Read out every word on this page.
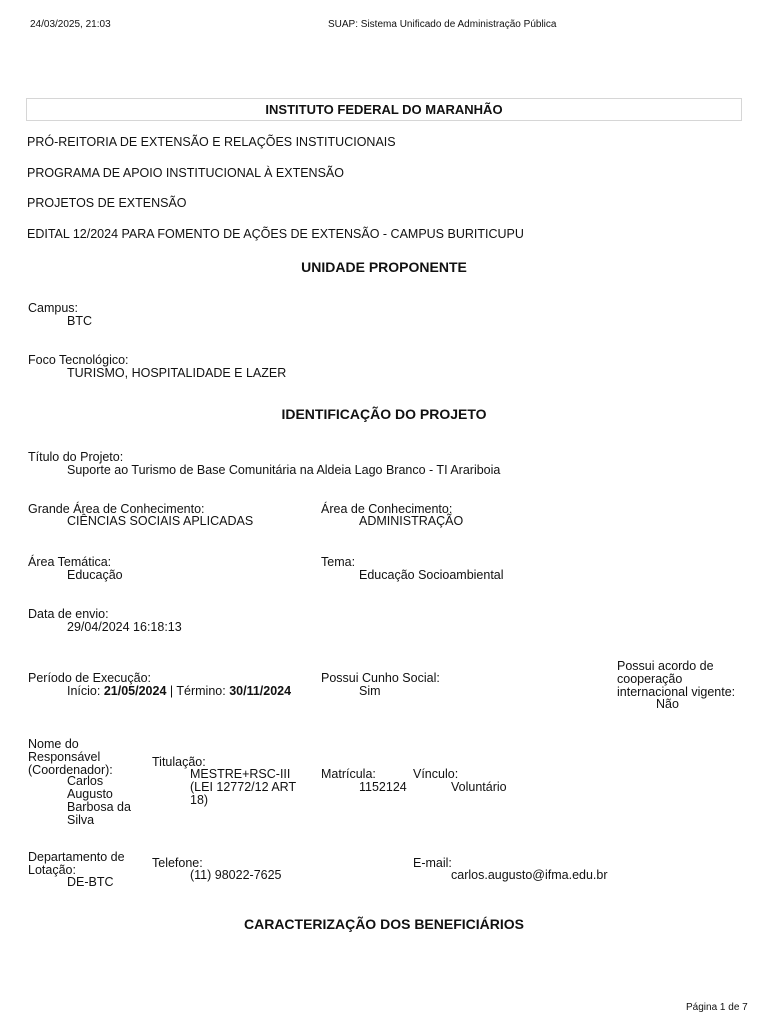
24/03/2025, 21:03	SUAP: Sistema Unificado de Administração Pública
INSTITUTO FEDERAL DO MARANHÃO
PRÓ-REITORIA DE EXTENSÃO E RELAÇÕES INSTITUCIONAIS
PROGRAMA DE APOIO INSTITUCIONAL À EXTENSÃO
PROJETOS DE EXTENSÃO
EDITAL 12/2024 PARA FOMENTO DE AÇÕES DE EXTENSÃO - CAMPUS BURITICUPU
UNIDADE PROPONENTE
Campus:
BTC
Foco Tecnológico:
TURISMO, HOSPITALIDADE E LAZER
IDENTIFICAÇÃO DO PROJETO
Título do Projeto:
Suporte ao Turismo de Base Comunitária na Aldeia Lago Branco - TI Arariboia
Grande Área de Conhecimento:
CIÊNCIAS SOCIAIS APLICADAS
Área de Conhecimento:
ADMINISTRAÇÃO
Área Temática:
Educação
Tema:
Educação Socioambiental
Data de envio:
29/04/2024 16:18:13
Período de Execução:
Início: 21/05/2024 | Término: 30/11/2024
Possui Cunho Social:
Sim
Possui acordo de
cooperação
internacional vigente:
Não
Nome do
Responsável
(Coordenador):
Carlos
Augusto
Barbosa da
Silva
Titulação:
MESTRE+RSC-III
(LEI 12772/12 ART
18)
Matrícula:
1152124
Vínculo:
Voluntário
Departamento de
Lotação:
DE-BTC
Telefone:
(11) 98022-7625
E-mail:
carlos.augusto@ifma.edu.br
CARACTERIZAÇÃO DOS BENEFICIÁRIOS
Página 1 de 7
